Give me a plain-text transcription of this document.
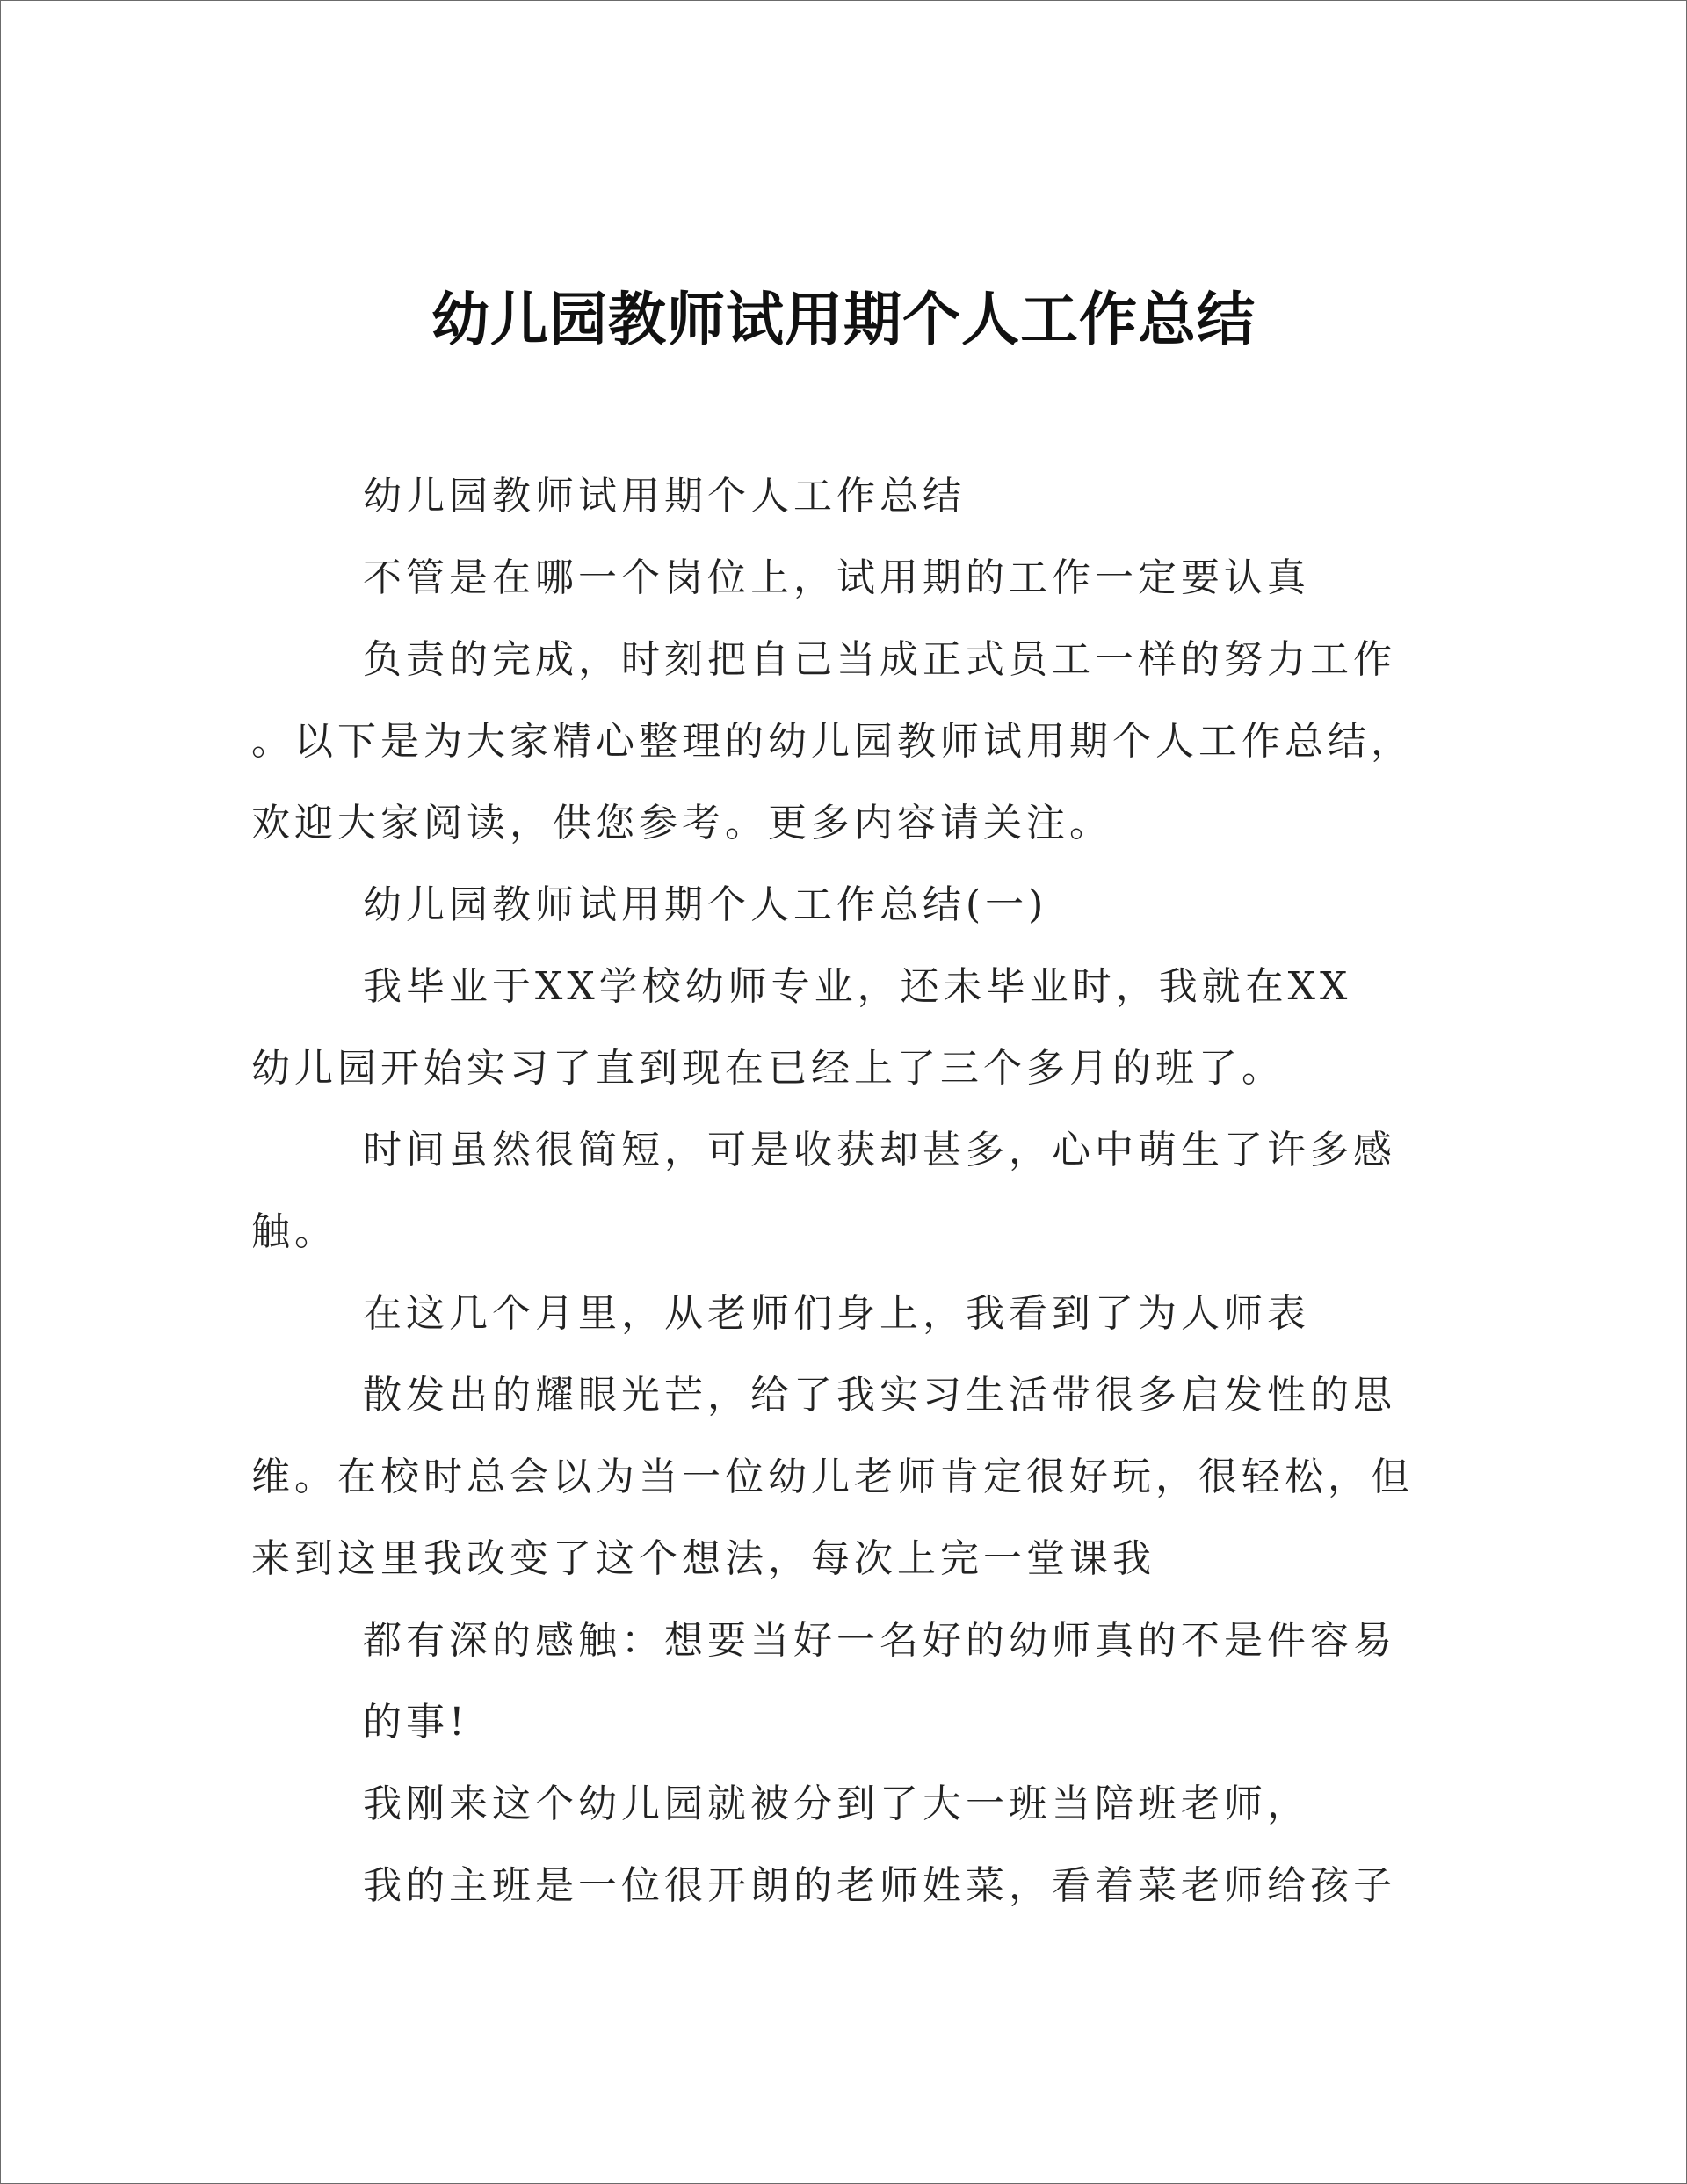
幼儿园教师试用期个人工作总结
幼儿园教师试用期个人工作总结
不管是在哪一个岗位上，试用期的工作一定要认真
负责的完成，时刻把自己当成正式员工一样的努力工作
。以下是为大家精心整理的幼儿园教师试用期个人工作总结，
欢迎大家阅读，供您参考。更多内容请关注。
幼儿园教师试用期个人工作总结(一)
我毕业于XX学校幼师专业，还未毕业时，我就在XX
幼儿园开始实习了直到现在已经上了三个多月的班了。
时间虽然很简短，可是收获却甚多，心中萌生了许多感
触。
在这几个月里，从老师们身上，我看到了为人师表
散发出的耀眼光芒，给了我实习生活带很多启发性的思
维。在校时总会以为当一位幼儿老师肯定很好玩，很轻松，但
来到这里我改变了这个想法，每次上完一堂课我
都有深的感触：想要当好一名好的幼师真的不是件容易
的事!
我刚来这个幼儿园就被分到了大一班当陪班老师，
我的主班是一位很开朗的老师姓菜，看着菜老师给孩子
